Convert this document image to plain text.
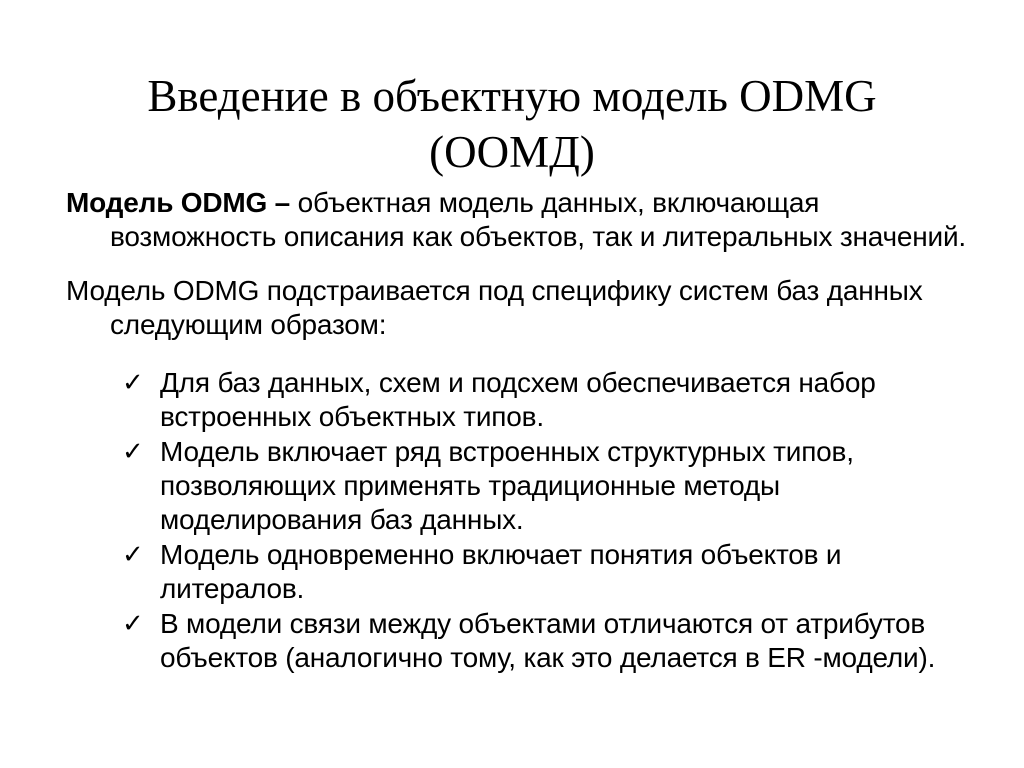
Введение в объектную модель ODMG
(ООМД)

Модель ODMG – объектная модель данных, включающая возможность описания как объектов, так и литеральных значений.

Модель ODMG подстраивается под специфику систем баз данных следующим образом:

✓ Для баз данных, схем и подсхем обеспечивается набор встроенных объектных типов.
✓ Модель включает ряд встроенных структурных типов, позволяющих применять традиционные методы моделирования баз данных.
✓ Модель одновременно включает понятия объектов и литералов.
✓ В модели связи между объектами отличаются от атрибутов объектов (аналогично тому, как это делается в ER -модели).
